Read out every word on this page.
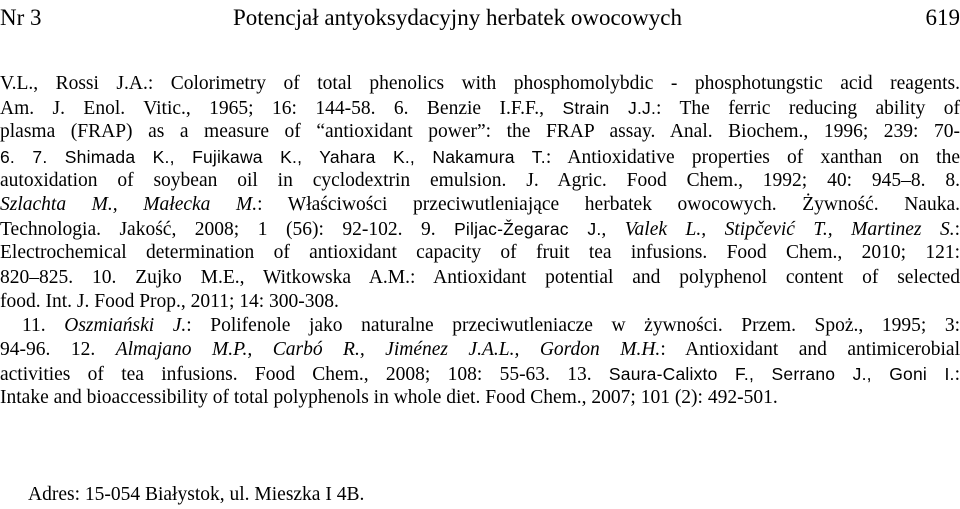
Nr 3	Potencjał antyoksydacyjny herbatek owocowych	619
V.L., Rossi J.A.: Colorimetry of total phenolics with phosphomolybdic - phosphotungstic acid reagents.
Am. J. Enol. Vitic., 1965; 16: 144-58. 6. Benzie I.F.F., Strain J.J.: The ferric reducing ability of
plasma (FRAP) as a measure of “antioxidant power”: the FRAP assay. Anal. Biochem., 1996; 239: 70-
6. 7. Shimada K., Fujikawa K., Yahara K., Nakamura T.: Antioxidative properties of xanthan on the
autoxidation of soybean oil in cyclodextrin emulsion. J. Agric. Food Chem., 1992; 40: 945–8. 8.
Szlachta M., Małecka M.: Właściwości przeciwutleniające herbatek owocowych. Żywność. Nauka.
Technologia. Jakość, 2008; 1 (56): 92-102. 9. Piljac-Žegarac J., Valek L., Stipčević T., Martinez S.:
Electrochemical determination of antioxidant capacity of fruit tea infusions. Food Chem., 2010; 121:
820–825. 10. Zujko M.E., Witkowska A.M.: Antioxidant potential and polyphenol content of selected
food. Int. J. Food Prop., 2011; 14: 300-308.
11. Oszmiański J.: Polifenole jako naturalne przeciwutleniacze w żywności. Przem. Spoż., 1995; 3:
94-96. 12. Almajano M.P., Carbó R., Jiménez J.A.L., Gordon M.H.: Antioxidant and antimicerobial
activities of tea infusions. Food Chem., 2008; 108: 55-63. 13. Saura-Calixto F., Serrano J., Goni I.:
Intake and bioaccessibility of total polyphenols in whole diet. Food Chem., 2007; 101 (2): 492-501.
Adres: 15-054 Białystok, ul. Mieszka I 4B.
